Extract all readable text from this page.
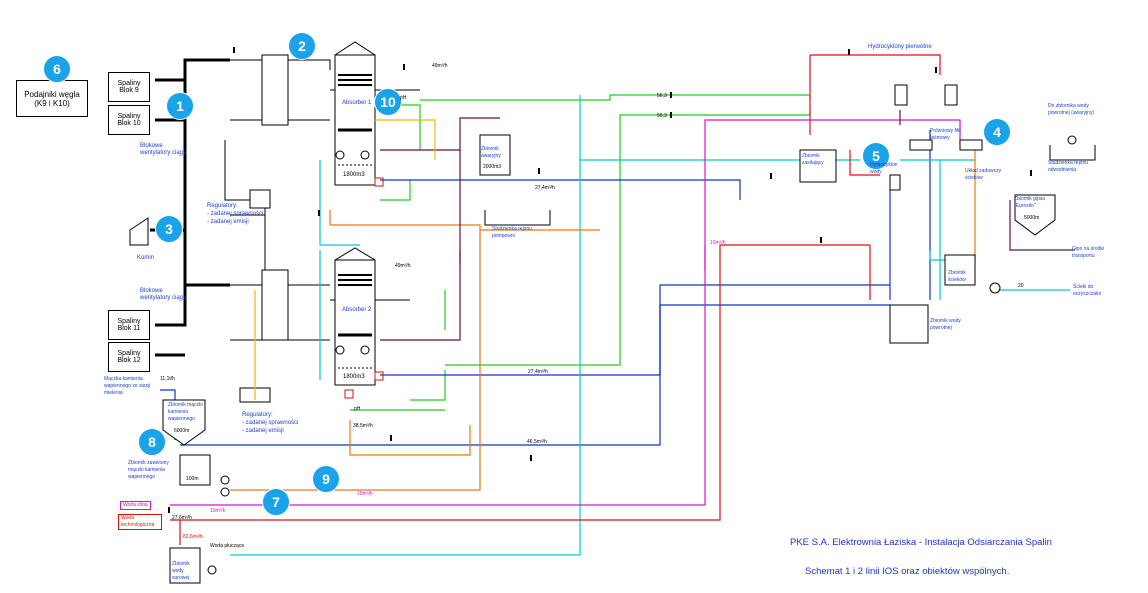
Podajniki węgla
(K9 i K10)
Spaliny
Blok 9
Spaliny
Blok 10
Spaliny
Blok 11
Spaliny
Blok 12
6
1
2
3
4
5
7
8
9
10
Blokowe wentylatory ciągu
Blokowe wentylatory ciągu
Komin
Regulatory:
- zadanej sprawności
- zadanej emisji
Regulatory:
- zadanej sprawności
- zadanej emisji
Absorber 1
Absorber 2
1800m3
1800m3
Zbiornik awaryjny
2000m3
Studzienka rejonu pompowni
Hydrocyklony pierwotne
Zbiornik zasilający	Hydrocyklon wody
Próżniowy filtr taśmowy
Zbiornik gipsu "Eurosilo"
5000m
Gips na środki transportu
Zbiornik ścieków
Ścieki do oczyszczalni
Zbiornik wody powrotnej
Do zbiornika wody powrotnej (awaryjny)
Studzienka rejonu odwodnienia
Układ zadawczy ścieków
Mączka kamienia wapiennego ze stacji mielenia
Zbiornik mączki kamienia wapiennego
6000m
Zbiornik zawiesiny mączki kamienia wapiennego	100m
Woda zlina
Woda technologiczna
Woda płuczące
Zbiornik wody surowej
49m³/h
49m³/h
27,4m³/h
27,4m³/h
46,5m³/h
10m³/h
10m³/h
10m³/h
11,1t/h
38,5m³/h
56,3
56,3
20
27,6m³/h
82,6m³/h
pH
pH
PKE S.A. Elektrownia Łaziska - Instalacja Odsiarczania Spalin
Schemat 1 i 2 linii IOS oraz obiektów wspólnych.
